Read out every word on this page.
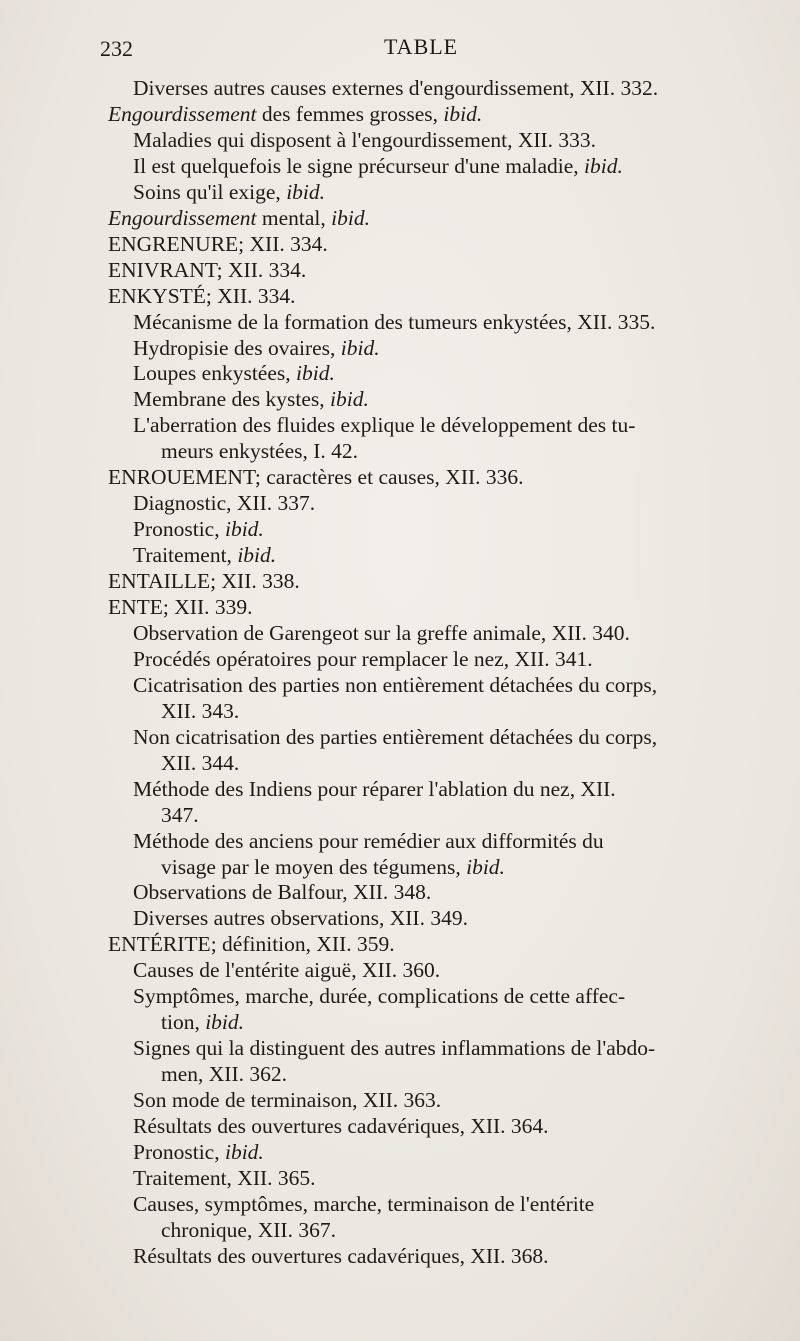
232	TABLE
Diverses autres causes externes d'engourdissement, XII. 332.
Engourdissement des femmes grosses, ibid.
Maladies qui disposent à l'engourdissement, XII. 333.
Il est quelquefois le signe précurseur d'une maladie, ibid.
Soins qu'il exige, ibid.
Engourdissement mental, ibid.
ENGRENURE; XII. 334.
ENIVRANT; XII. 334.
ENKYSTÉ; XII. 334.
Mécanisme de la formation des tumeurs enkystées, XII. 335.
Hydropisie des ovaires, ibid.
Loupes enkystées, ibid.
Membrane des kystes, ibid.
L'aberration des fluides explique le développement des tu-
meurs enkystées, I. 42.
ENROUEMENT; caractères et causes, XII. 336.
Diagnostic, XII. 337.
Pronostic, ibid.
Traitement, ibid.
ENTAILLE; XII. 338.
ENTE; XII. 339.
Observation de Garengeot sur la greffe animale, XII. 340.
Procédés opératoires pour remplacer le nez, XII. 341.
Cicatrisation des parties non entièrement détachées du corps,
XII. 343.
Non cicatrisation des parties entièrement détachées du corps,
XII. 344.
Méthode des Indiens pour réparer l'ablation du nez, XII.
347.
Méthode des anciens pour remédier aux difformités du
visage par le moyen des tégumens, ibid.
Observations de Balfour, XII. 348.
Diverses autres observations, XII. 349.
ENTÉRITE; définition, XII. 359.
Causes de l'entérite aiguë, XII. 360.
Symptômes, marche, durée, complications de cette affec-
tion, ibid.
Signes qui la distinguent des autres inflammations de l'abdo-
men, XII. 362.
Son mode de terminaison, XII. 363.
Résultats des ouvertures cadavériques, XII. 364.
Pronostic, ibid.
Traitement, XII. 365.
Causes, symptômes, marche, terminaison de l'entérite
chronique, XII. 367.
Résultats des ouvertures cadavériques, XII. 368.
